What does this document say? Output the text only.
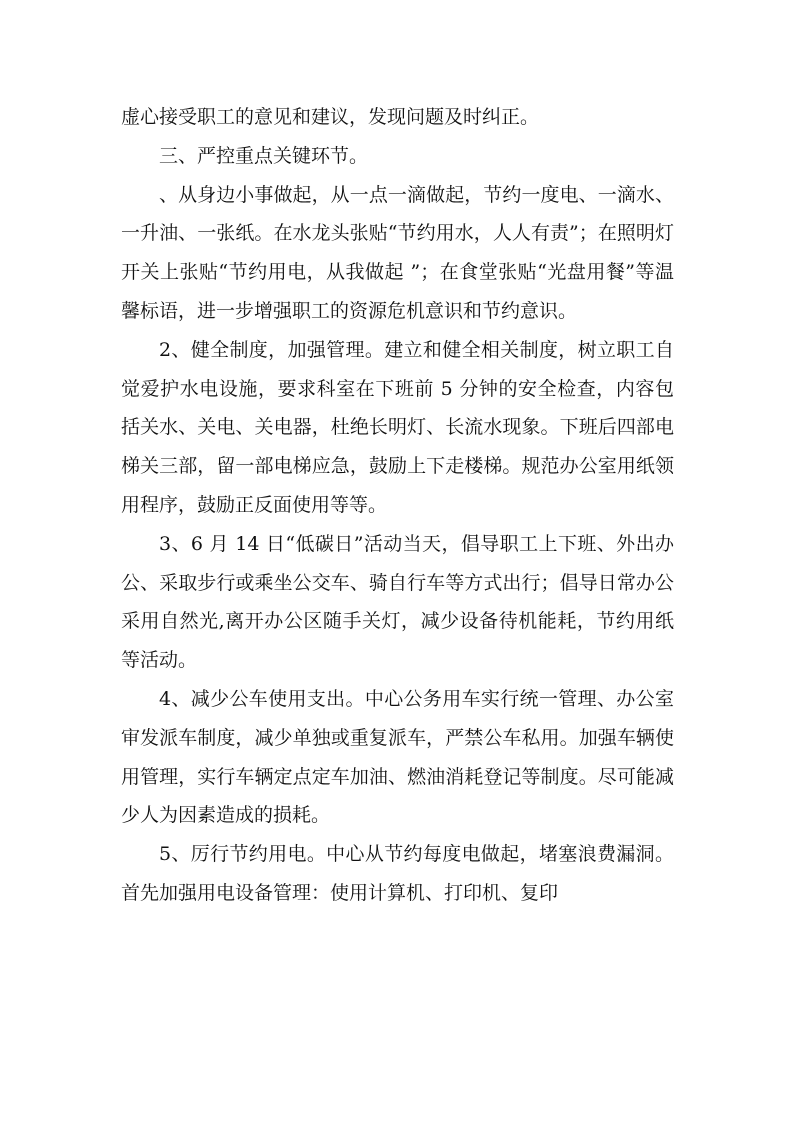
虚心接受职工的意见和建议，发现问题及时纠正。

三、严控重点关键环节。

、从身边小事做起，从一点一滴做起，节约一度电、一滴水、一升油、一张纸。在水龙头张贴“节约用水，人人有责”；在照明灯开关上张贴“节约用电，从我做起 ”；在食堂张贴“光盘用餐”等温馨标语，进一步增强职工的资源危机意识和节约意识。

2、健全制度，加强管理。建立和健全相关制度，树立职工自觉爱护水电设施，要求科室在下班前 5 分钟的安全检查，内容包括关水、关电、关电器，杜绝长明灯、长流水现象。下班后四部电梯关三部，留一部电梯应急，鼓励上下走楼梯。规范办公室用纸领用程序，鼓励正反面使用等等。

3、6 月 14 日“低碳日”活动当天，倡导职工上下班、外出办公、采取步行或乘坐公交车、骑自行车等方式出行；倡导日常办公采用自然光,离开办公区随手关灯，减少设备待机能耗，节约用纸等活动。

4、减少公车使用支出。中心公务用车实行统一管理、办公室审发派车制度，减少单独或重复派车，严禁公车私用。加强车辆使用管理，实行车辆定点定车加油、燃油消耗登记等制度。尽可能减少人为因素造成的损耗。

5、厉行节约用电。中心从节约每度电做起，堵塞浪费漏洞。首先加强用电设备管理：使用计算机、打印机、复印
